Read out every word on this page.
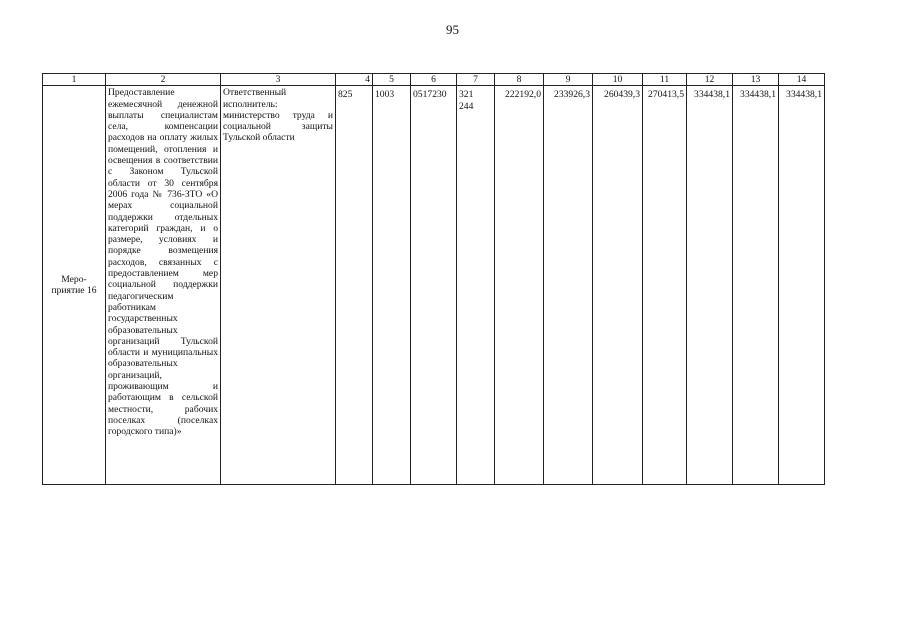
95
1	2	3	4	5	6	7	8	9	10	11	12	13	14
Меро-
приятие 16	Предоставление ежемесячной денежной выплаты специалистам села, компенсации расходов на оплату жилых помещений, отопления и освещения в соответствии с Законом Тульской области от 30 сентября 2006 года № 736-ЗТО «О мерах социальной поддержки отдельных категорий граждан, и о размере, условиях и порядке возмещения расходов, связанных с предоставлением мер социальной поддержки педагогическим работникам государственных образовательных организаций Тульской области и муниципальных образовательных организаций, проживающим и работающим в сельской местности, рабочих поселках (поселках городского типа)»	Ответственный исполнитель: министерство труда и социальной защиты Тульской области	825	1003	0517230	321
244	222192,0	233926,3	260439,3	270413,5	334438,1	334438,1	334438,1
